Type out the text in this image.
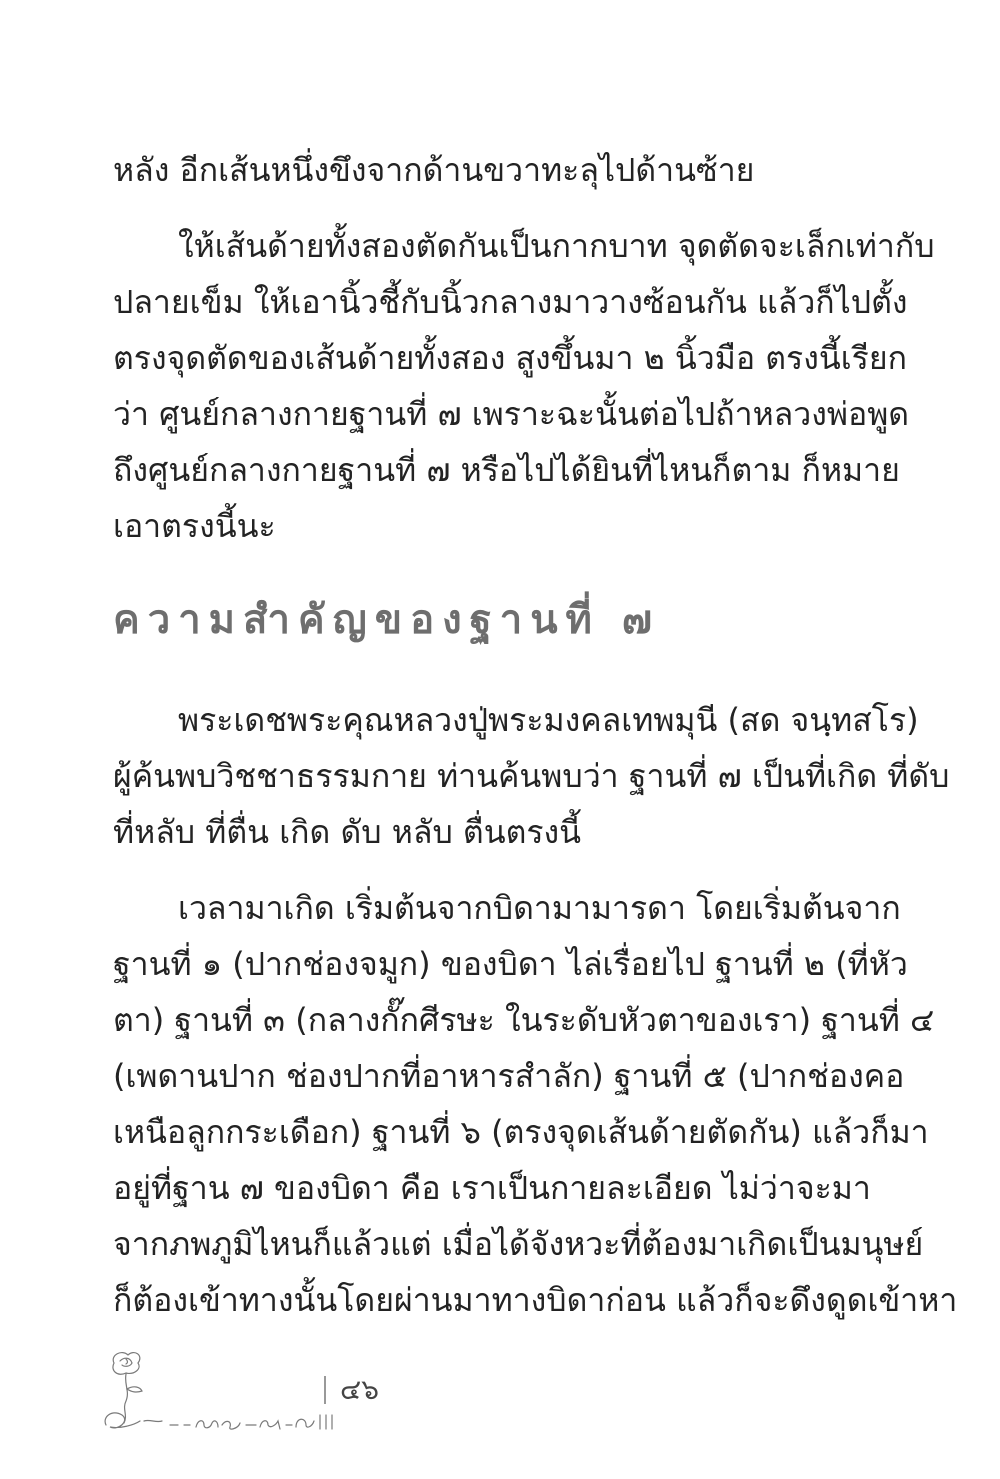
หลัง อีกเส้นหนึ่งขึงจากด้านขวาทะลุไปด้านซ้าย
ให้เส้นด้ายทั้งสองตัดกันเป็นกากบาท จุดตัดจะเล็กเท่ากับ
ปลายเข็ม ให้เอานิ้วชี้กับนิ้วกลางมาวางซ้อนกัน แล้วก็ไปตั้ง
ตรงจุดตัดของเส้นด้ายทั้งสอง สูงขึ้นมา ๒ นิ้วมือ ตรงนี้เรียก
ว่า ศูนย์กลางกายฐานที่ ๗ เพราะฉะนั้นต่อไปถ้าหลวงพ่อพูด
ถึงศูนย์กลางกายฐานที่ ๗ หรือไปได้ยินที่ไหนก็ตาม ก็หมาย
เอาตรงนี้นะ
ความสำคัญของฐานที่ ๗
พระเดชพระคุณหลวงปู่พระมงคลเทพมุนี (สด จนฺทสโร)
ผู้ค้นพบวิชชาธรรมกาย ท่านค้นพบว่า ฐานที่ ๗ เป็นที่เกิด ที่ดับ
ที่หลับ ที่ตื่น เกิด ดับ หลับ ตื่นตรงนี้
เวลามาเกิด เริ่มต้นจากบิดามามารดา โดยเริ่มต้นจาก
ฐานที่ ๑ (ปากช่องจมูก) ของบิดา ไล่เรื่อยไป ฐานที่ ๒ (ที่หัว
ตา) ฐานที่ ๓ (กลางกั๊กศีรษะ ในระดับหัวตาของเรา) ฐานที่ ๔
(เพดานปาก ช่องปากที่อาหารสำลัก) ฐานที่ ๕ (ปากช่องคอ
เหนือลูกกระเดือก) ฐานที่ ๖ (ตรงจุดเส้นด้ายตัดกัน) แล้วก็มา
อยู่ที่ฐาน ๗ ของบิดา คือ เราเป็นกายละเอียด ไม่ว่าจะมา
จากภพภูมิไหนก็แล้วแต่ เมื่อได้จังหวะที่ต้องมาเกิดเป็นมนุษย์
ก็ต้องเข้าทางนั้นโดยผ่านมาทางบิดาก่อน แล้วก็จะดึงดูดเข้าหา
๔๖
